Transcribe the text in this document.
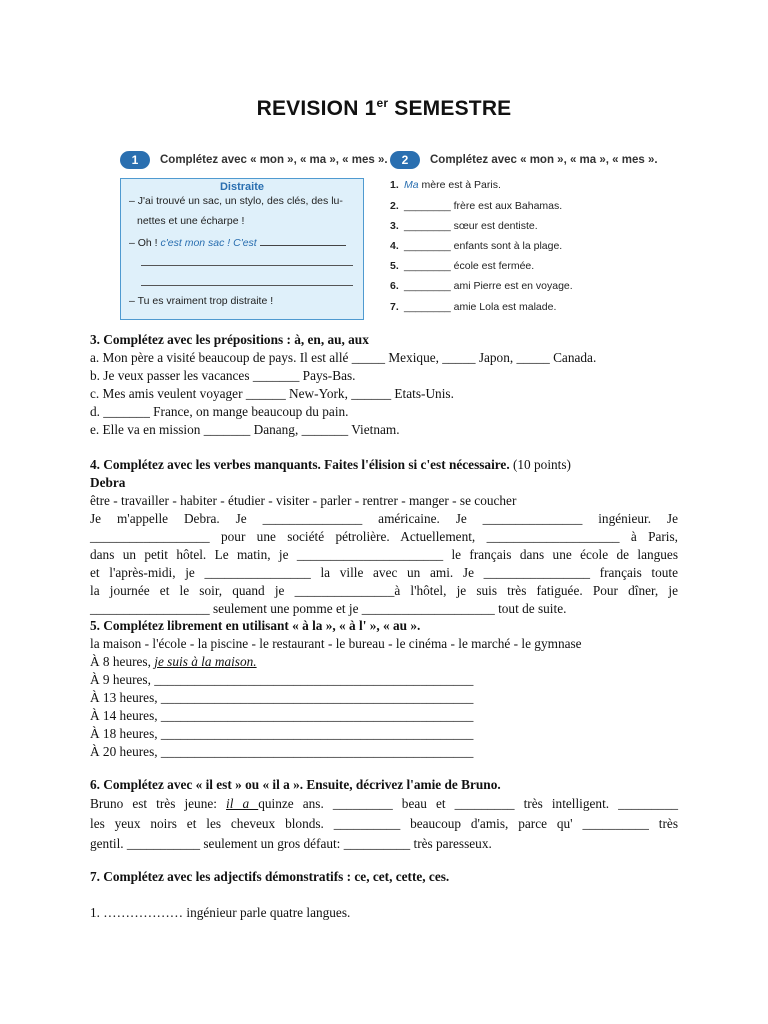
REVISION 1er SEMESTRE
1	Complétez avec « mon », « ma », « mes ».
Distraite
– J'ai trouvé un sac, un stylo, des clés, des lu-
nettes et une écharpe !
– Oh ! c'est mon sac ! C'est
– Tu es vraiment trop distraite !
2	Complétez avec « mon », « ma », « mes ».
1. Ma mère est à Paris.
2. ________ frère est aux Bahamas.
3. ________ sœur est dentiste.
4. ________ enfants sont à la plage.
5. ________ école est fermée.
6. ________ ami Pierre est en voyage.
7. ________ amie Lola est malade.
3. Complétez avec les prépositions : à, en, au, aux
a. Mon père a visité beaucoup de pays. Il est allé _____ Mexique, _____ Japon, _____ Canada.
b. Je veux passer les vacances _______ Pays-Bas.
c. Mes amis veulent voyager ______ New-York, ______ Etats-Unis.
d. _______ France, on mange beaucoup du pain.
e. Elle va en mission _______ Danang, _______ Vietnam.
4. Complétez avec les verbes manquants. Faites l'élision si c'est nécessaire. (10 points)
Debra
être - travailler - habiter - étudier - visiter - parler - rentrer - manger - se coucher
Je m'appelle Debra. Je _______________ américaine. Je _______________ ingénieur. Je
__________________ pour une société pétrolière. Actuellement, ____________________ à Paris,
dans un petit hôtel. Le matin, je ______________________ le français dans une école de langues
et l'après-midi, je ________________ la ville avec un ami. Je ________________ français toute
la journée et le soir, quand je _______________à l'hôtel, je suis très fatiguée. Pour dîner, je
__________________ seulement une pomme et je ____________________ tout de suite.
5. Complétez librement en utilisant « à la », « à l' », « au ».
la maison - l'école - la piscine - le restaurant - le bureau - le cinéma - le marché - le gymnase
À 8 heures, je suis à la maison.
À 9 heures, ________________________________________________
À 13 heures, _______________________________________________
À 14 heures, _______________________________________________
À 18 heures, _______________________________________________
À 20 heures, _______________________________________________
6. Complétez avec « il est » ou « il a ». Ensuite, décrivez l'amie de Bruno.
Bruno est très jeune: il a quinze ans. _________ beau et _________ très intelligent. _________
les yeux noirs et les cheveux blonds. __________ beaucoup d'amis, parce qu' __________ très
gentil. ___________ seulement un gros défaut: __________ très paresseux.
7. Complétez avec les adjectifs démonstratifs : ce, cet, cette, ces.
1. ……………… ingénieur parle quatre langues.
